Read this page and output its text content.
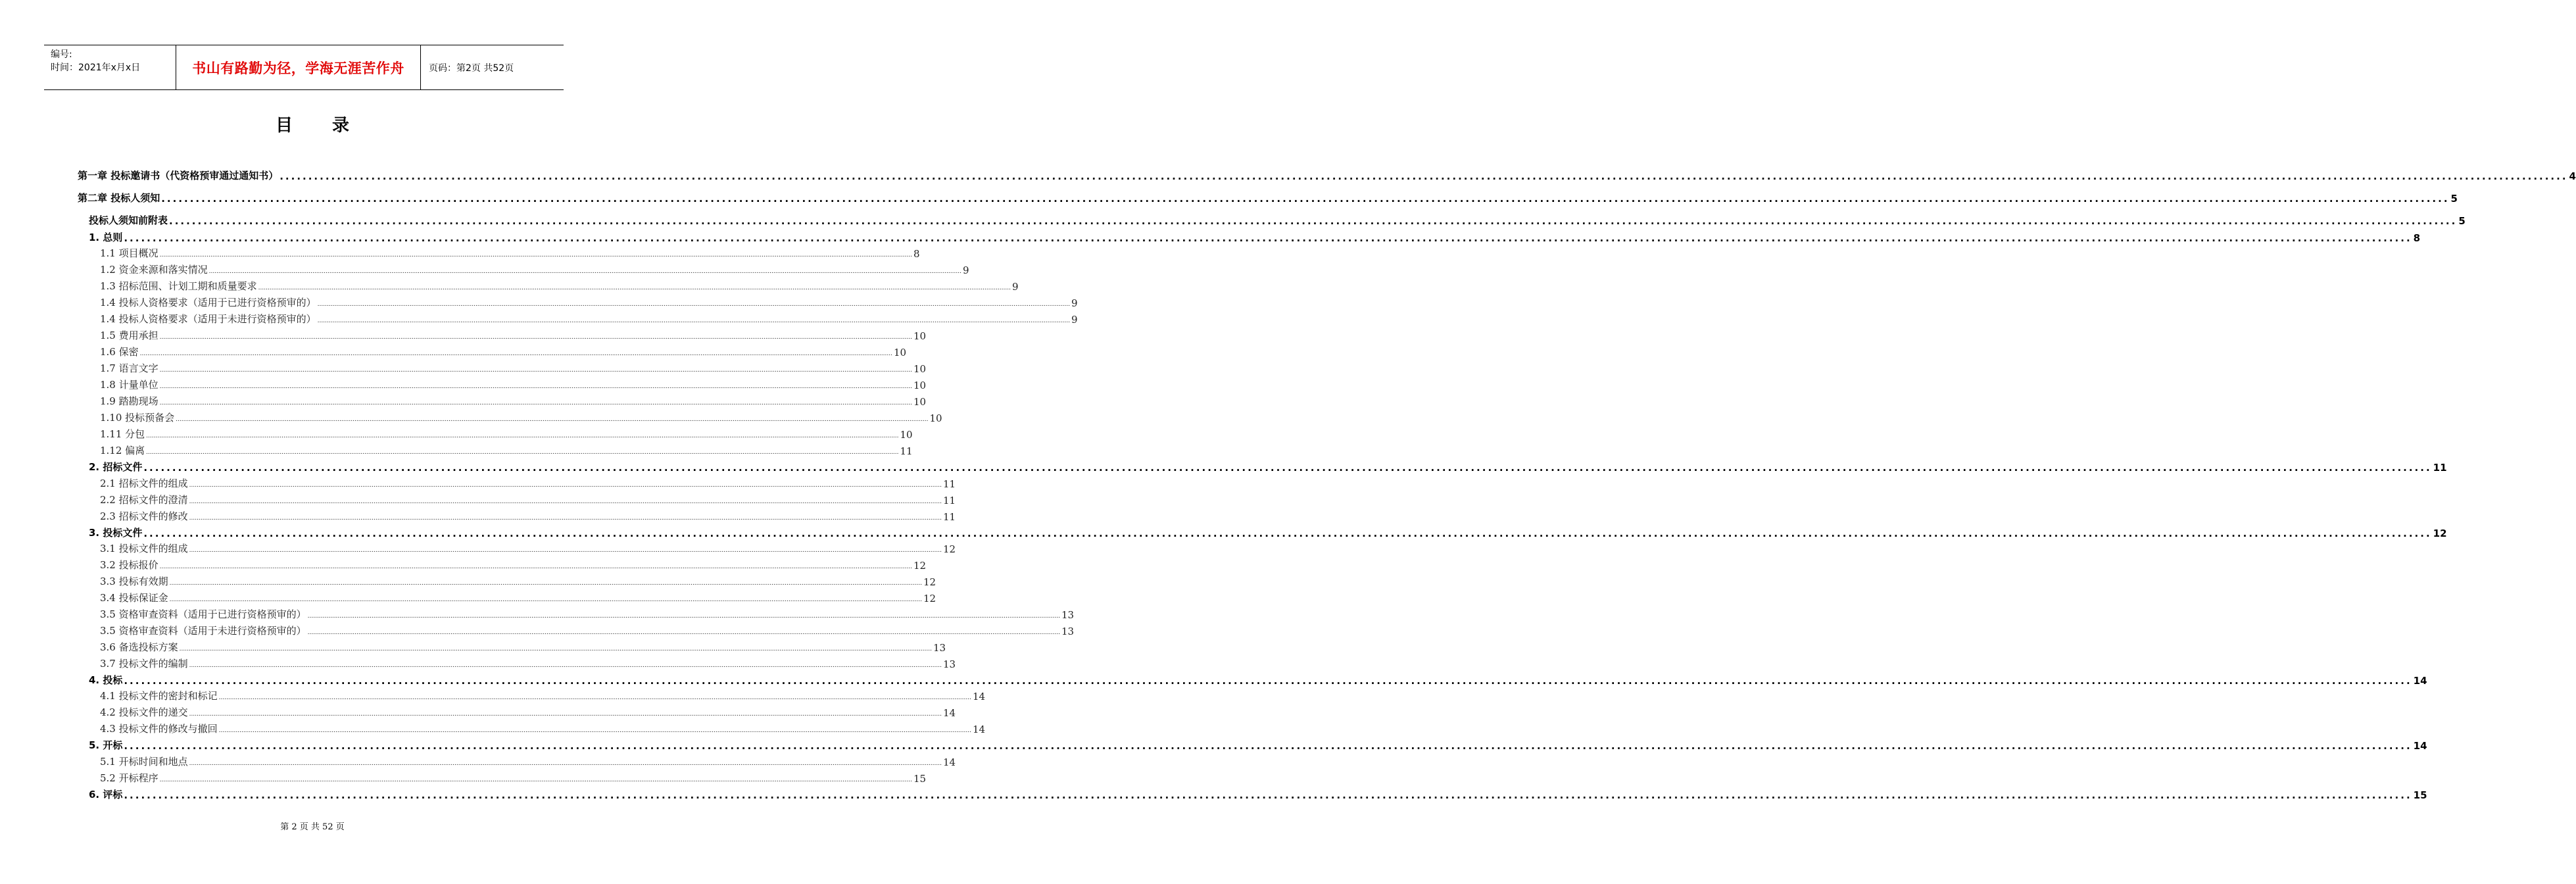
编号:
时间：2021年x月x日	书山有路勤为径，学海无涯苦作舟	页码：第2页 共52页
目录
第一章 投标邀请书（代资格预审通过通知书） ................................................................................................................................................................................................................................................................................................................................................................................................................ 4
第二章 投标人须知 ................................................................................................................................................................................................................................................................................................................................................................................................................ 5
投标人须知前附表 ................................................................................................................................................................................................................................................................................................................................................................................................................ 5
1. 总则 ................................................................................................................................................................................................................................................................................................................................................................................................................ 8
1.1 项目概况 ................................................................................................................................................................................................................................................................................................................................................................................................................ 8
1.2 资金来源和落实情况 ................................................................................................................................................................................................................................................................................................................................................................................................................ 9
1.3 招标范围、计划工期和质量要求 ................................................................................................................................................................................................................................................................................................................................................................................................................ 9
1.4 投标人资格要求（适用于已进行资格预审的） ................................................................................................................................................................................................................................................................................................................................................................................................................ 9
1.4 投标人资格要求（适用于未进行资格预审的） ................................................................................................................................................................................................................................................................................................................................................................................................................ 9
1.5 费用承担 ................................................................................................................................................................................................................................................................................................................................................................................................................ 10
1.6 保密 ................................................................................................................................................................................................................................................................................................................................................................................................................ 10
1.7 语言文字 ................................................................................................................................................................................................................................................................................................................................................................................................................ 10
1.8 计量单位 ................................................................................................................................................................................................................................................................................................................................................................................................................ 10
1.9 踏勘现场 ................................................................................................................................................................................................................................................................................................................................................................................................................ 10
1.10 投标预备会 ................................................................................................................................................................................................................................................................................................................................................................................................................ 10
1.11 分包 ................................................................................................................................................................................................................................................................................................................................................................................................................ 10
1.12 偏离 ................................................................................................................................................................................................................................................................................................................................................................................................................ 11
2. 招标文件 ................................................................................................................................................................................................................................................................................................................................................................................................................ 11
2.1 招标文件的组成 ................................................................................................................................................................................................................................................................................................................................................................................................................ 11
2.2 招标文件的澄清 ................................................................................................................................................................................................................................................................................................................................................................................................................ 11
2.3 招标文件的修改 ................................................................................................................................................................................................................................................................................................................................................................................................................ 11
3. 投标文件 ................................................................................................................................................................................................................................................................................................................................................................................................................ 12
3.1 投标文件的组成 ................................................................................................................................................................................................................................................................................................................................................................................................................ 12
3.2 投标报价 ................................................................................................................................................................................................................................................................................................................................................................................................................ 12
3.3 投标有效期 ................................................................................................................................................................................................................................................................................................................................................................................................................ 12
3.4 投标保证金 ................................................................................................................................................................................................................................................................................................................................................................................................................ 12
3.5 资格审查资料（适用于已进行资格预审的） ................................................................................................................................................................................................................................................................................................................................................................................................................ 13
3.5 资格审查资料（适用于未进行资格预审的） ................................................................................................................................................................................................................................................................................................................................................................................................................ 13
3.6 备选投标方案 ................................................................................................................................................................................................................................................................................................................................................................................................................ 13
3.7 投标文件的编制 ................................................................................................................................................................................................................................................................................................................................................................................................................ 13
4. 投标 ................................................................................................................................................................................................................................................................................................................................................................................................................ 14
4.1 投标文件的密封和标记 ................................................................................................................................................................................................................................................................................................................................................................................................................ 14
4.2 投标文件的递交 ................................................................................................................................................................................................................................................................................................................................................................................................................ 14
4.3 投标文件的修改与撤回 ................................................................................................................................................................................................................................................................................................................................................................................................................ 14
5. 开标 ................................................................................................................................................................................................................................................................................................................................................................................................................ 14
5.1 开标时间和地点 ................................................................................................................................................................................................................................................................................................................................................................................................................ 14
5.2 开标程序 ................................................................................................................................................................................................................................................................................................................................................................................................................ 15
6. 评标 ................................................................................................................................................................................................................................................................................................................................................................................................................ 15
第 2 页 共 52 页
